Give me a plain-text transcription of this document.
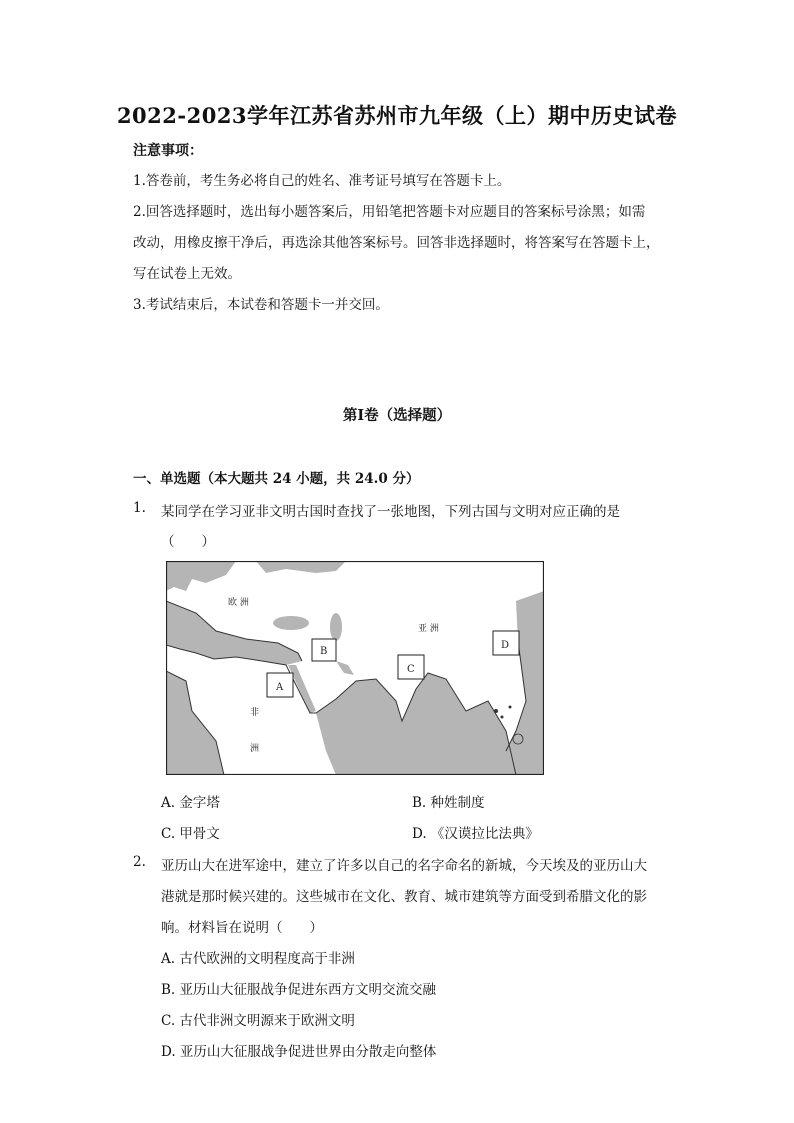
2022-2023学年江苏省苏州市九年级（上）期中历史试卷
注意事项：
1.答卷前，考生务必将自己的姓名、准考证号填写在答题卡上。
2.回答选择题时，选出每小题答案后，用铅笔把答题卡对应题目的答案标号涂黑；如需
改动，用橡皮擦干净后，再选涂其他答案标号。回答非选择题时，将答案写在答题卡上，
写在试卷上无效。
3.考试结束后，本试卷和答题卡一并交回。
第I卷（选择题）
一、单选题（本大题共 24 小题，共 24.0 分）
1. 某同学在学习亚非文明古国时查找了一张地图，下列古国与文明对应正确的是
（　　）
欧 洲
亚 洲
非
洲
A
B
C
D
A. 金字塔	B. 种姓制度
C. 甲骨文	D. 《汉谟拉比法典》
2. 亚历山大在进军途中，建立了许多以自己的名字命名的新城，今天埃及的亚历山大
港就是那时候兴建的。这些城市在文化、教育、城市建筑等方面受到希腊文化的影
响。材料旨在说明（　　）
A. 古代欧洲的文明程度高于非洲
B. 亚历山大征服战争促进东西方文明交流交融
C. 古代非洲文明源来于欧洲文明
D. 亚历山大征服战争促进世界由分散走向整体
